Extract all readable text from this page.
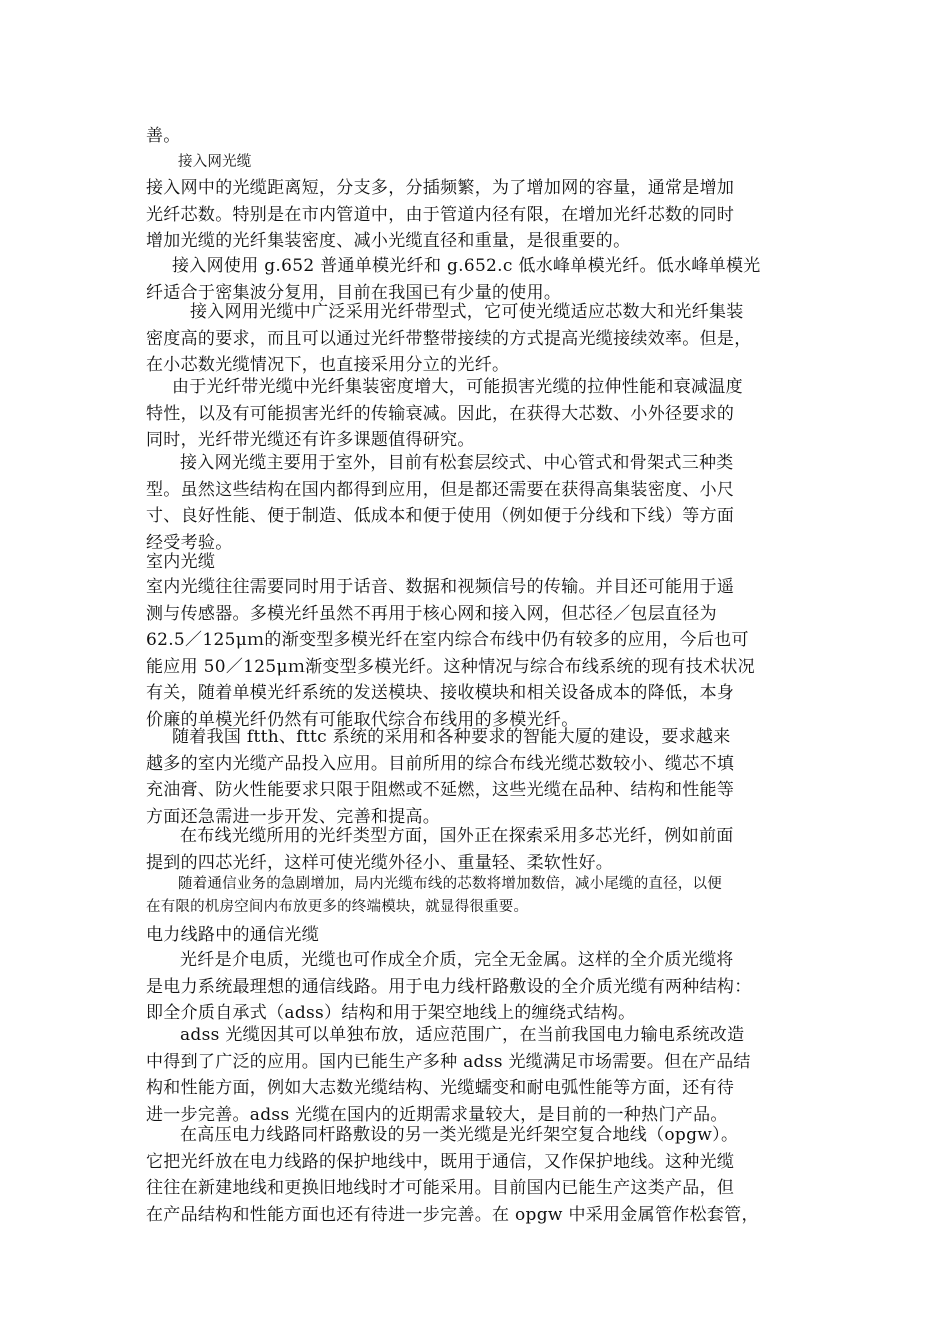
善。

接入网光缆

接入网中的光缆距离短，分支多，分插频繁，为了增加网的容量，通常是增加
光纤芯数。特别是在市内管道中，由于管道内径有限，在增加光纤芯数的同时
增加光缆的光纤集装密度、减小光缆直径和重量，是很重要的。

接入网使用 g.652 普通单模光纤和 g.652.c 低水峰单模光纤。低水峰单模光
纤适合于密集波分复用，目前在我国已有少量的使用。

接入网用光缆中广泛采用光纤带型式，它可使光缆适应芯数大和光纤集装
密度高的要求，而且可以通过光纤带整带接续的方式提高光缆接续效率。但是，
在小芯数光缆情况下，也直接采用分立的光纤。

由于光纤带光缆中光纤集装密度增大，可能损害光缆的拉伸性能和衰减温度
特性，以及有可能损害光纤的传输衰减。因此，在获得大芯数、小外径要求的
同时，光纤带光缆还有许多课题值得研究。

接入网光缆主要用于室外，目前有松套层绞式、中心管式和骨架式三种类
型。虽然这些结构在国内都得到应用，但是都还需要在获得高集装密度、小尺
寸、良好性能、便于制造、低成本和便于使用（例如便于分线和下线）等方面
经受考验。

室内光缆

室内光缆往往需要同时用于话音、数据和视频信号的传输。并目还可能用于遥
测与传感器。多模光纤虽然不再用于核心网和接入网，但芯径／包层直径为
62.5／125μｍ的渐变型多模光纤在室内综合布线中仍有较多的应用，今后也可
能应用 50／125μｍ渐变型多模光纤。这种情况与综合布线系统的现有技术状况
有关，随着单模光纤系统的发送模块、接收模块和相关设备成本的降低，本身
价廉的单模光纤仍然有可能取代综合布线用的多模光纤。

随着我国 ftth、fttc 系统的采用和各种要求的智能大厦的建设，要求越来
越多的室内光缆产品投入应用。目前所用的综合布线光缆芯数较小、缆芯不填
充油膏、防火性能要求只限于阻燃或不延燃，这些光缆在品种、结构和性能等
方面还急需进一步开发、完善和提高。

在布线光缆所用的光纤类型方面，国外正在探索采用多芯光纤，例如前面
提到的四芯光纤，这样可使光缆外径小、重量轻、柔软性好。

随着通信业务的急剧增加，局内光缆布线的芯数将增加数倍，减小尾缆的直径，以便
在有限的机房空间内布放更多的终端模块，就显得很重要。

电力线路中的通信光缆

光纤是介电质，光缆也可作成全介质，完全无金属。这样的全介质光缆将
是电力系统最理想的通信线路。用于电力线杆路敷设的全介质光缆有两种结构：
即全介质自承式（adss）结构和用于架空地线上的缠绕式结构。

adss 光缆因其可以单独布放，适应范围广，在当前我国电力输电系统改造
中得到了广泛的应用。国内已能生产多种 adss 光缆满足市场需要。但在产品结
构和性能方面，例如大志数光缆结构、光缆蠕变和耐电弧性能等方面，还有待
进一步完善。adss 光缆在国内的近期需求量较大，是目前的一种热门产品。

在高压电力线路同杆路敷设的另一类光缆是光纤架空复合地线（opgw）。
它把光纤放在电力线路的保护地线中，既用于通信，又作保护地线。这种光缆
往往在新建地线和更换旧地线时才可能采用。目前国内已能生产这类产品，但
在产品结构和性能方面也还有待进一步完善。在 opgw 中采用金属管作松套管，
